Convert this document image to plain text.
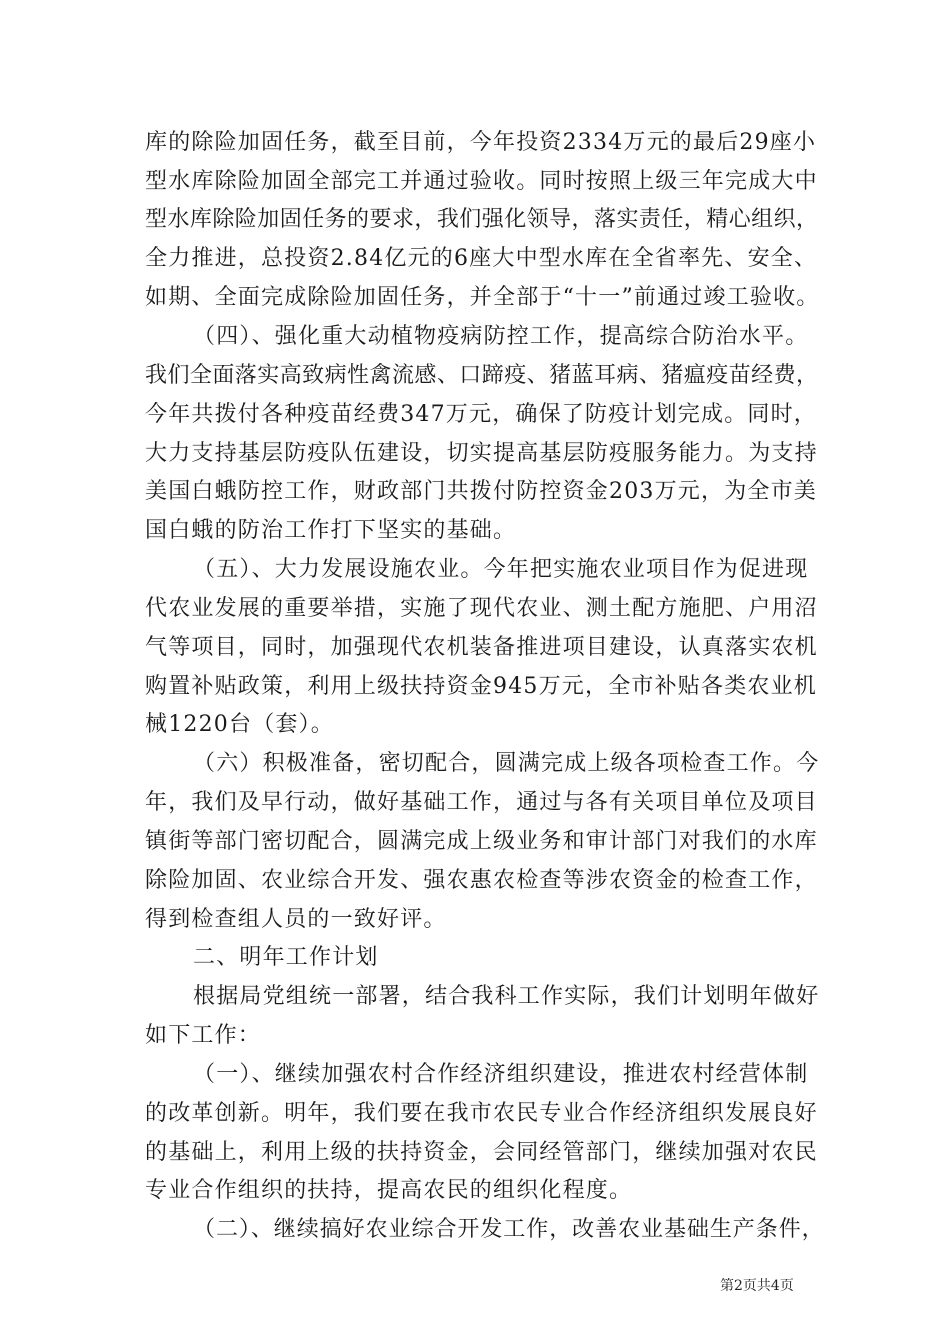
库的除险加固任务，截至目前，今年投资2334万元的最后29座小
型水库除险加固全部完工并通过验收。同时按照上级三年完成大中
型水库除险加固任务的要求，我们强化领导，落实责任，精心组织，
全力推进，总投资2.84亿元的6座大中型水库在全省率先、安全、
如期、全面完成除险加固任务，并全部于“十一”前通过竣工验收。
（四）、强化重大动植物疫病防控工作，提高综合防治水平。
我们全面落实高致病性禽流感、口蹄疫、猪蓝耳病、猪瘟疫苗经费，
今年共拨付各种疫苗经费347万元，确保了防疫计划完成。同时，
大力支持基层防疫队伍建设，切实提高基层防疫服务能力。为支持
美国白蛾防控工作，财政部门共拨付防控资金203万元，为全市美
国白蛾的防治工作打下坚实的基础。
（五）、大力发展设施农业。今年把实施农业项目作为促进现
代农业发展的重要举措，实施了现代农业、测土配方施肥、户用沼
气等项目，同时，加强现代农机装备推进项目建设，认真落实农机
购置补贴政策，利用上级扶持资金945万元，全市补贴各类农业机
械1220台（套）。
（六）积极准备，密切配合，圆满完成上级各项检查工作。今
年，我们及早行动，做好基础工作，通过与各有关项目单位及项目
镇街等部门密切配合，圆满完成上级业务和审计部门对我们的水库
除险加固、农业综合开发、强农惠农检查等涉农资金的检查工作，
得到检查组人员的一致好评。
二、明年工作计划
根据局党组统一部署，结合我科工作实际，我们计划明年做好
如下工作：
（一）、继续加强农村合作经济组织建设，推进农村经营体制
的改革创新。明年，我们要在我市农民专业合作经济组织发展良好
的基础上，利用上级的扶持资金，会同经管部门，继续加强对农民
专业合作组织的扶持，提高农民的组织化程度。
（二）、继续搞好农业综合开发工作，改善农业基础生产条件，
第2页共4页
